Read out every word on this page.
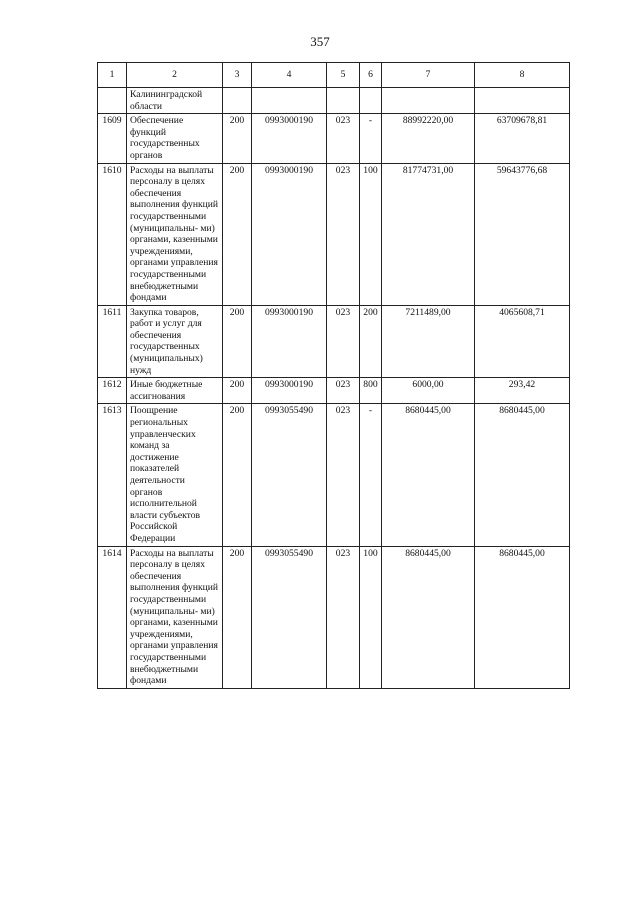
357
1	2	3	4	5	6	7	8
	Калининградской области						
1609	Обеспечение функций государственных органов	200	0993000190	023	-	88992220,00	63709678,81
1610	Расходы на выплаты персоналу в целях обеспечения выполнения функций государственными (муниципальны- ми) органами, казенными учреждениями, органами управления государственными внебюджетными фондами	200	0993000190	023	100	81774731,00	59643776,68
1611	Закупка товаров, работ и услуг для обеспечения государственных (муниципальных) нужд	200	0993000190	023	200	7211489,00	4065608,71
1612	Иные бюджетные ассигнования	200	0993000190	023	800	6000,00	293,42
1613	Поощрение региональных управленческих команд за достижение показателей деятельности органов исполнительной власти субъектов Российской Федерации	200	0993055490	023	-	8680445,00	8680445,00
1614	Расходы на выплаты персоналу в целях обеспечения выполнения функций государственными (муниципальны- ми) органами, казенными учреждениями, органами управления государственными внебюджетными фондами	200	0993055490	023	100	8680445,00	8680445,00
